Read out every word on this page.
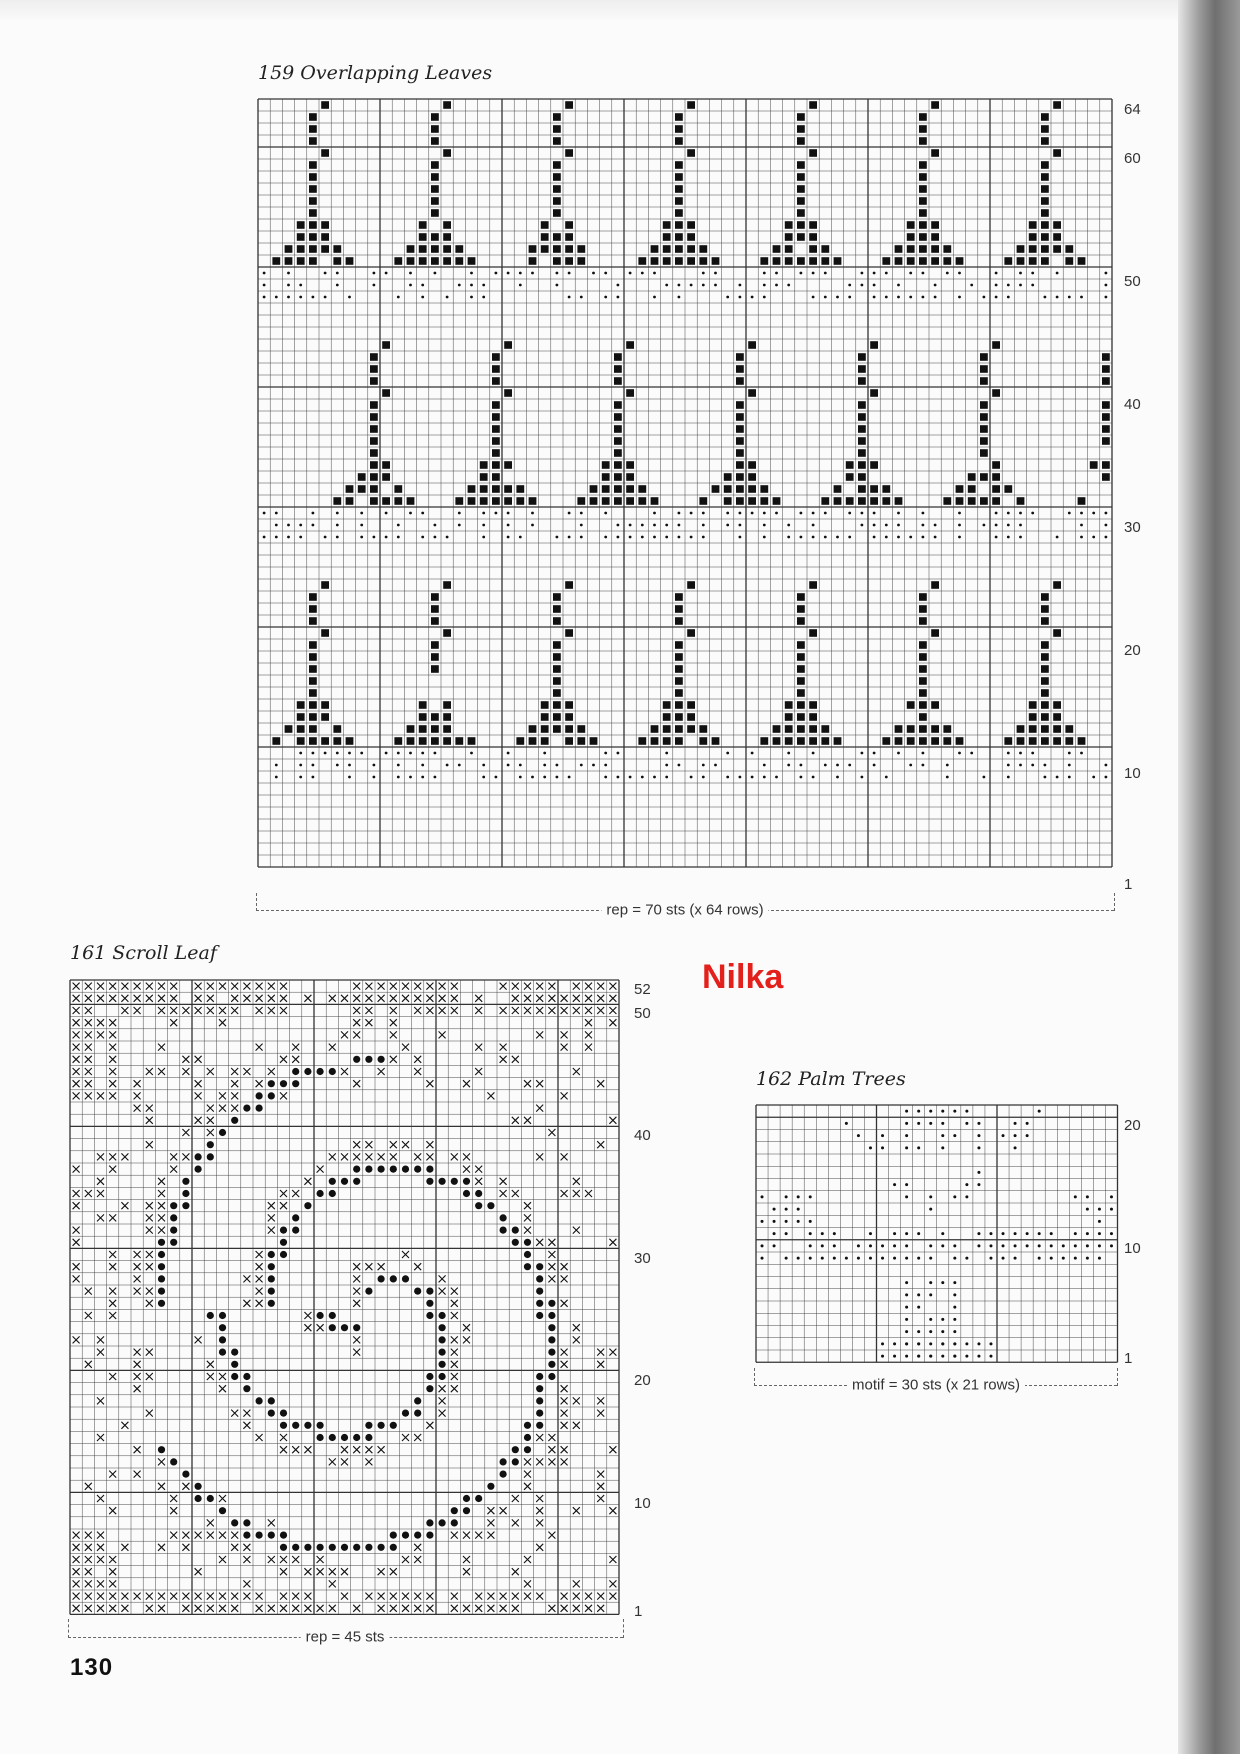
159 Overlapping Leaves
64
60
50
40
30
20
10
1
rep = 70 sts (x 64 rows)
161 Scroll Leaf
52
50
40
30
20
10
1
rep = 45 sts
162 Palm Trees
20
10
1
motif = 30 sts (x 21 rows)
Nilka
130
